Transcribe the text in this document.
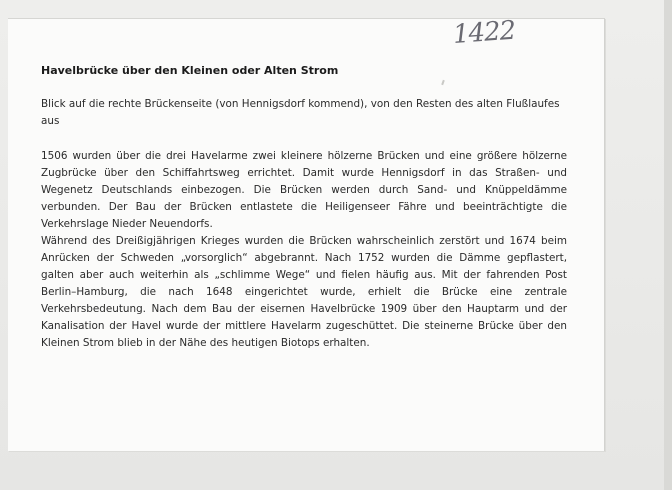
1422
Havelbrücke über den Kleinen oder Alten Strom
Blick auf die rechte Brückenseite (von Hennigsdorf kommend), von den Resten des alten Flußlaufes aus

1506 wurden über die drei Havelarme zwei kleinere hölzerne Brücken und eine größere hölzerne Zugbrücke über den Schiffahrtsweg errichtet. Damit wurde Hennigsdorf in das Straßen- und Wegenetz Deutschlands einbezogen. Die Brücken werden durch Sand- und Knüppeldämme verbunden. Der Bau der Brücken entlastete die Heiligenseer Fähre und beeinträchtigte die Verkehrslage Nieder Neuendorfs.

Während des Dreißigjährigen Krieges wurden die Brücken wahrscheinlich zerstört und 1674 beim Anrücken der Schweden „vorsorglich“ abgebrannt. Nach 1752 wurden die Dämme gepflastert, galten aber auch weiterhin als „schlimme Wege“ und fielen häufig aus. Mit der fahrenden Post Berlin–Hamburg, die nach 1648 eingerichtet wurde, erhielt die Brücke eine zentrale Verkehrsbedeutung. Nach dem Bau der eisernen Havelbrücke 1909 über den Hauptarm und der Kanalisation der Havel wurde der mittlere Havelarm zugeschüttet. Die steinerne Brücke über den Kleinen Strom blieb in der Nähe des heutigen Biotops erhalten.
